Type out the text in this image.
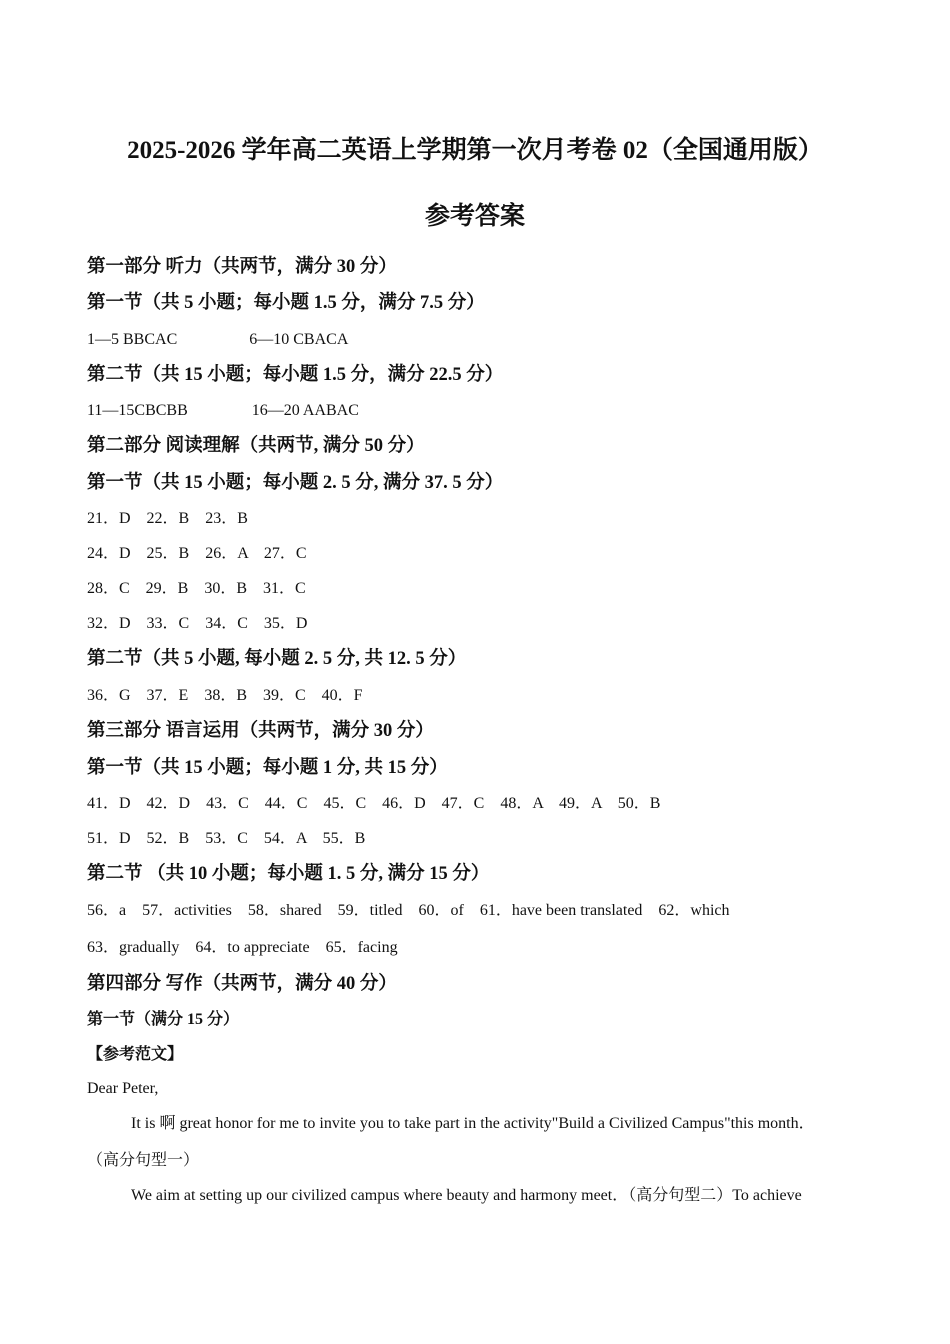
2025-2026 学年高二英语上学期第一次月考卷 02（全国通用版）
参考答案
第一部分 听力（共两节，满分 30 分）
第一节（共 5 小题；每小题 1.5 分，满分 7.5 分）
1—5 BBCAC	6—10 CBACA
第二节（共 15 小题；每小题 1.5 分，满分 22.5 分）
11—15CBCBB	16—20 AABAC
第二部分 阅读理解（共两节, 满分 50 分）
第一节（共 15 小题；每小题 2. 5 分, 满分 37. 5 分）
21．D    22．B    23．B
24．D    25．B    26．A    27．C
28．C    29．B    30．B    31．C
32．D    33．C    34．C    35．D
第二节（共 5 小题, 每小题 2. 5 分, 共 12. 5 分）
36．G    37．E    38．B    39．C    40．F
第三部分 语言运用（共两节，满分 30 分）
第一节（共 15 小题；每小题 1 分, 共 15 分）
41．D    42．D    43．C    44．C    45．C    46．D    47．C    48．A    49．A    50．B
51．D    52．B    53．C    54．A    55．B
第二节 （共 10 小题；每小题 1. 5 分, 满分 15 分）
56．a    57．activities    58．shared    59．titled    60．of    61．have been translated    62．which
63．gradually    64．to appreciate    65．facing
第四部分 写作（共两节，满分 40 分）
第一节（满分 15 分）
【参考范文】
Dear Peter,
It is 啊 great honor for me to invite you to take part in the activity"Build a Civilized Campus"this month．
（高分句型一）
We aim at setting up our civilized campus where beauty and harmony meet．（高分句型二）To achieve
